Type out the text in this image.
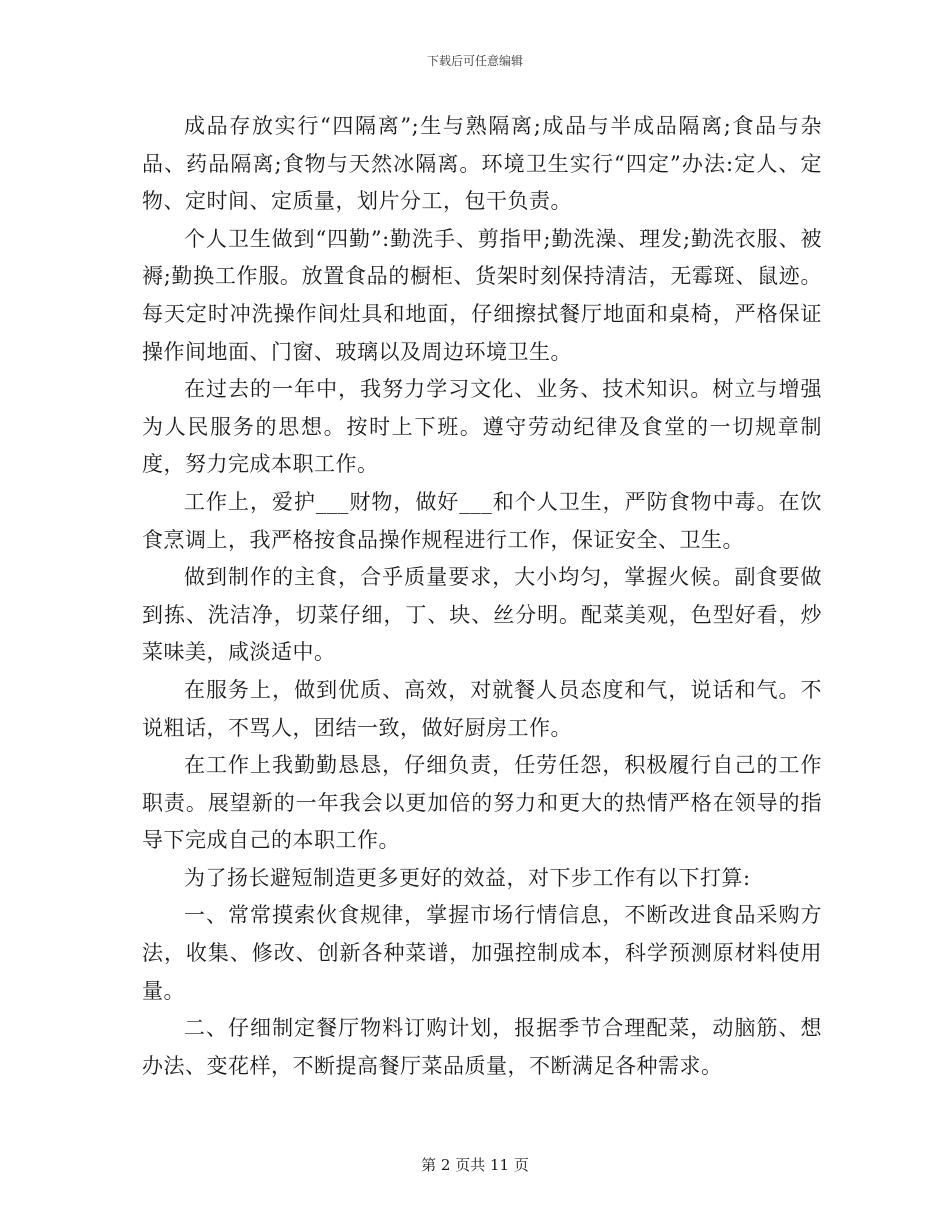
下载后可任意编辑

成品存放实行“四隔离”;生与熟隔离;成品与半成品隔离;食品与杂品、药品隔离;食物与天然冰隔离。环境卫生实行“四定”办法:定人、定物、定时间、定质量，划片分工，包干负责。

个人卫生做到“四勤”:勤洗手、剪指甲;勤洗澡、理发;勤洗衣服、被褥;勤换工作服。放置食品的橱柜、货架时刻保持清洁，无霉斑、鼠迹。每天定时冲洗操作间灶具和地面，仔细擦拭餐厅地面和桌椅，严格保证操作间地面、门窗、玻璃以及周边环境卫生。

在过去的一年中，我努力学习文化、业务、技术知识。树立与增强为人民服务的思想。按时上下班。遵守劳动纪律及食堂的一切规章制度，努力完成本职工作。

工作上，爱护___财物，做好___和个人卫生，严防食物中毒。在饮食烹调上，我严格按食品操作规程进行工作，保证安全、卫生。

做到制作的主食，合乎质量要求，大小均匀，掌握火候。副食要做到拣、洗洁净，切菜仔细，丁、块、丝分明。配菜美观，色型好看，炒菜味美，咸淡适中。

在服务上，做到优质、高效，对就餐人员态度和气，说话和气。不说粗话，不骂人，团结一致，做好厨房工作。

在工作上我勤勤恳恳，仔细负责，任劳任怨，积极履行自己的工作职责。展望新的一年我会以更加倍的努力和更大的热情严格在领导的指导下完成自己的本职工作。

为了扬长避短制造更多更好的效益，对下步工作有以下打算:

一、常常摸索伙食规律，掌握市场行情信息，不断改进食品采购方法，收集、修改、创新各种菜谱，加强控制成本，科学预测原材料使用量。

二、仔细制定餐厅物料订购计划，报据季节合理配菜，动脑筋、想办法、变花样，不断提高餐厅菜品质量，不断满足各种需求。

第 2 页共 11 页
